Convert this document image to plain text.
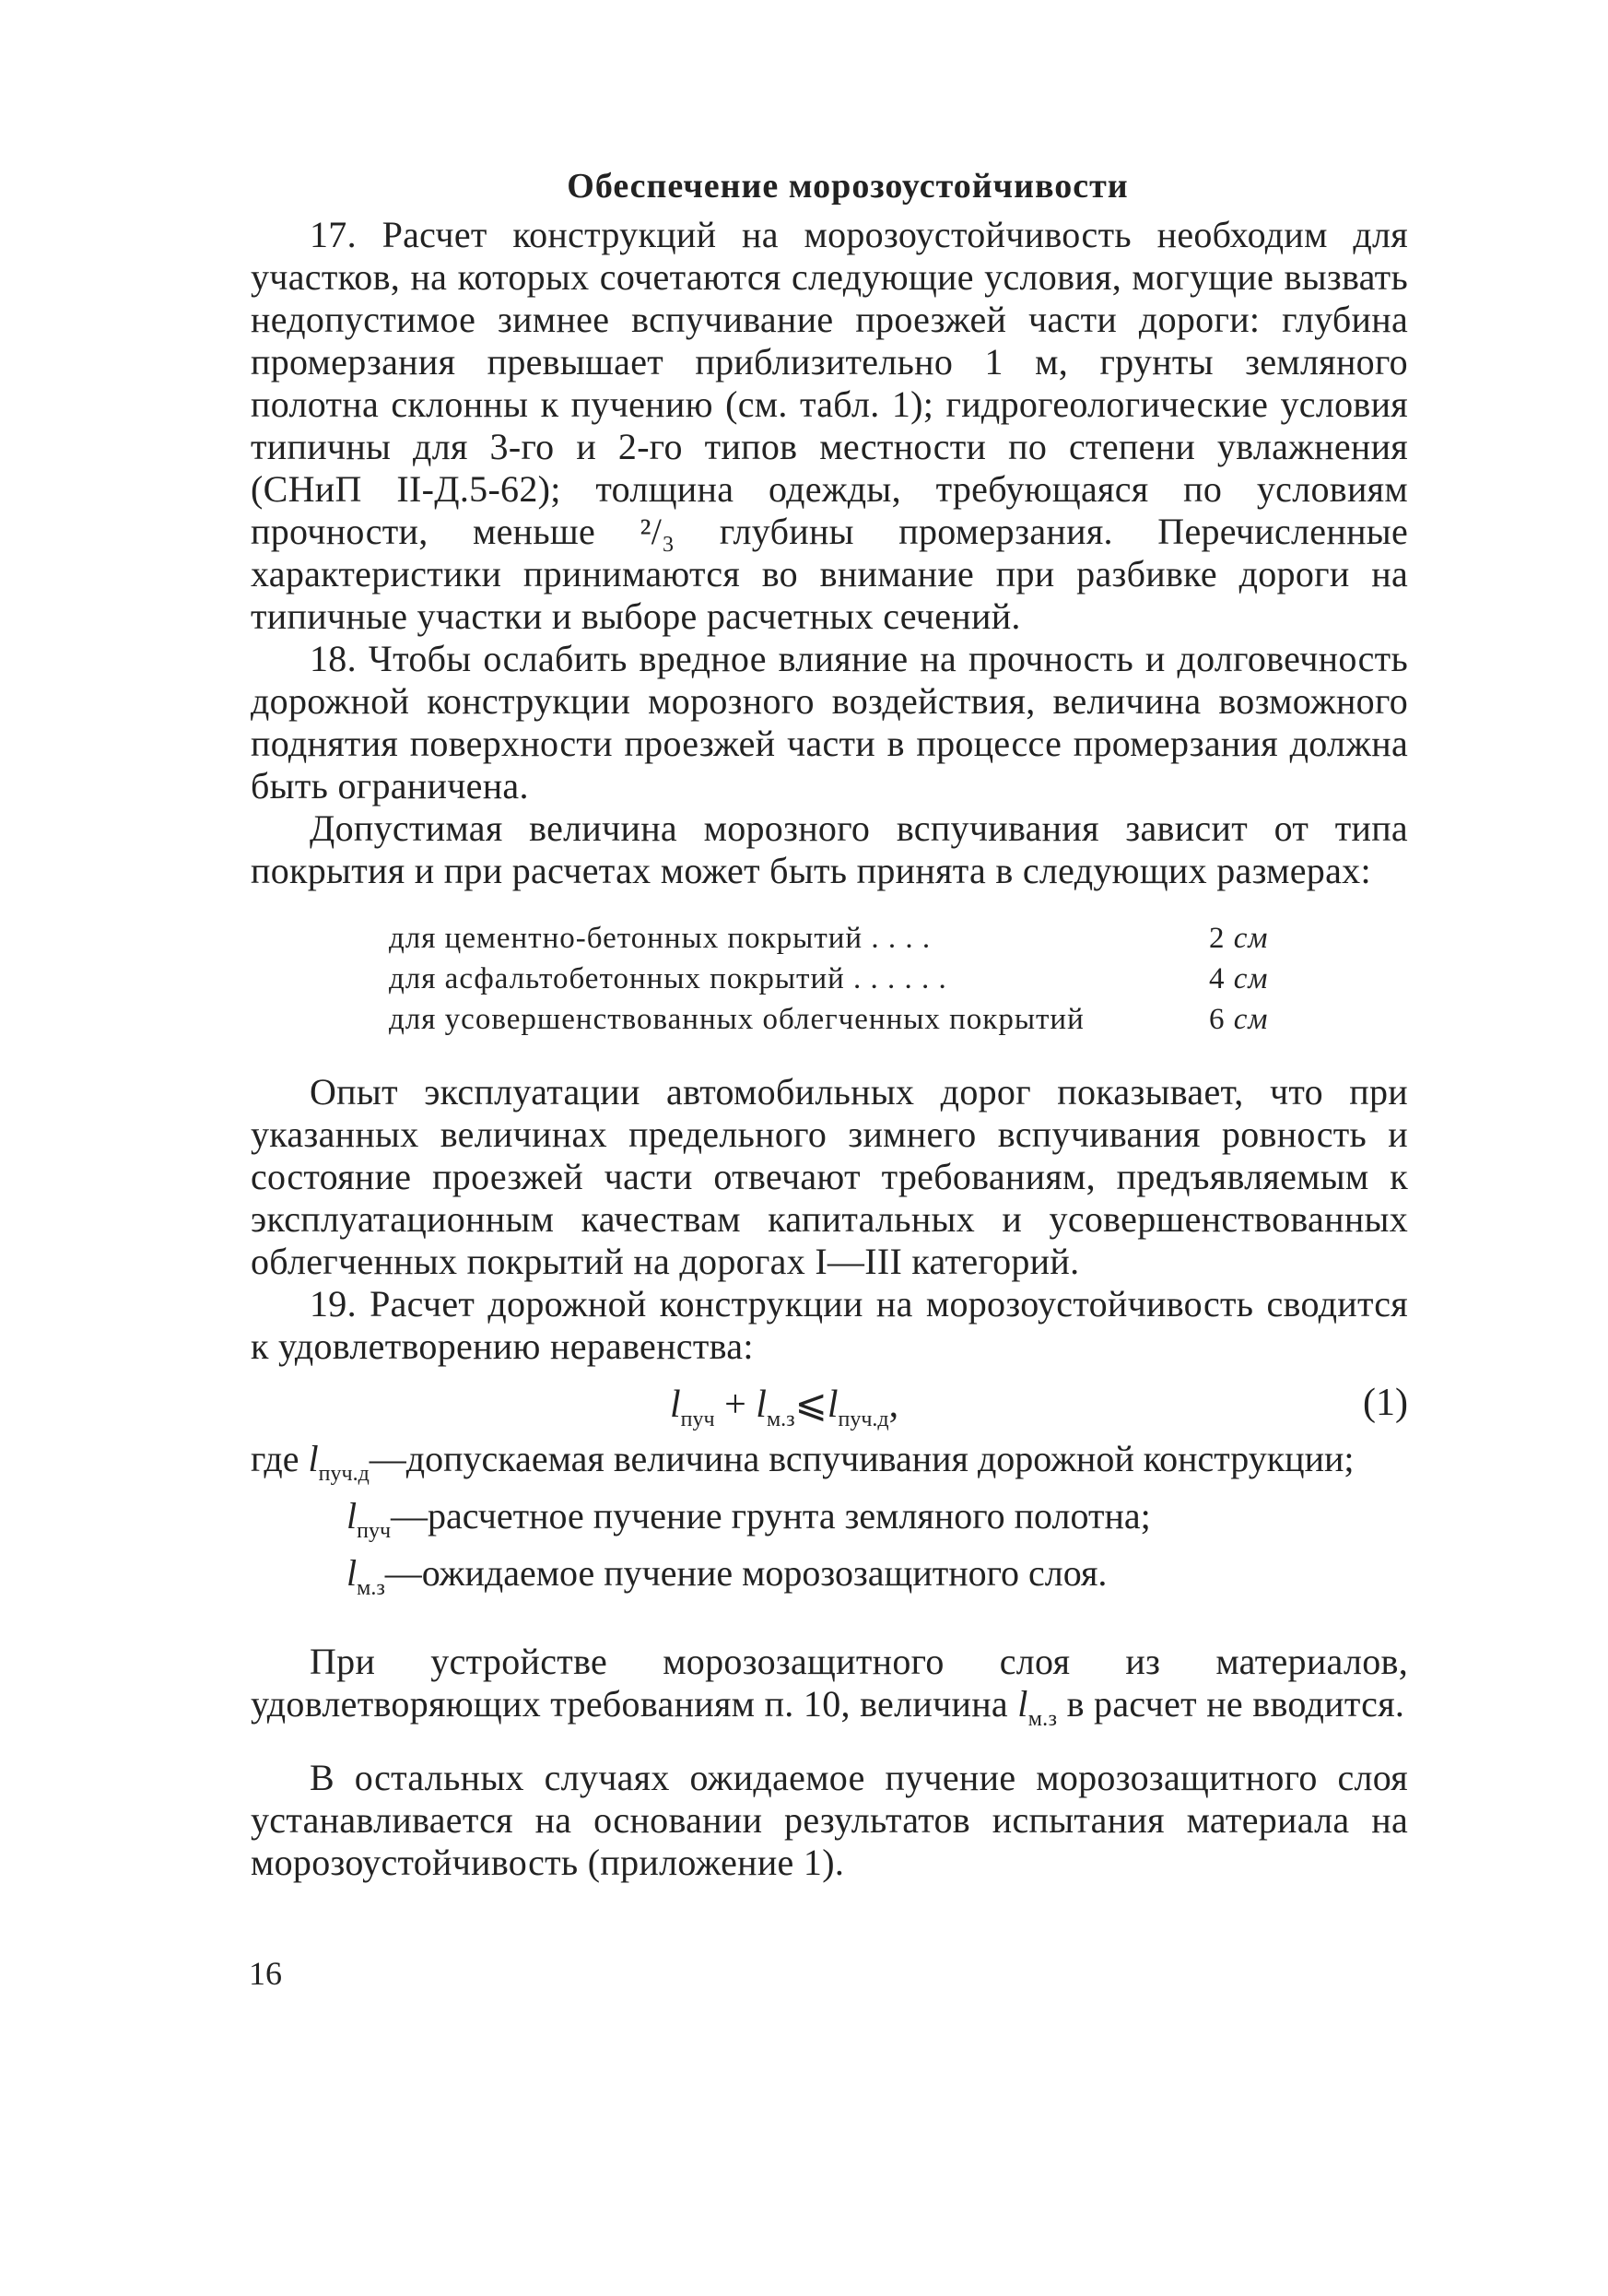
Обеспечение морозоустойчивости

17. Расчет конструкций на морозоустойчивость необходим для участков, на которых сочетаются следующие условия, могущие вызвать недопустимое зимнее вспучивание проезжей части дороги: глубина промерзания превышает приблизительно 1 м, грунты земляного полотна склонны к пучению (см. табл. 1); гидрогеологические условия типичны для 3-го и 2-го типов местности по степени увлажнения (СНиП II-Д.5-62); толщина одежды, требующаяся по условиям прочности, меньше ²/₃ глубины промерзания. Перечисленные характеристики принимаются во внимание при разбивке дороги на типичные участки и выборе расчетных сечений.

18. Чтобы ослабить вредное влияние на прочность и долговечность дорожной конструкции морозного воздействия, величина возможного поднятия поверхности проезжей части в процессе промерзания должна быть ограничена.

Допустимая величина морозного вспучивания зависит от типа покрытия и при расчетах может быть принята в следующих размерах:

для цементно-бетонных покрытий . . . .	2 см
для асфальтобетонных покрытий . . . . . .	4 см
для усовершенствованных облегченных покрытий	6 см

Опыт эксплуатации автомобильных дорог показывает, что при указанных величинах предельного зимнего вспучивания ровность и состояние проезжей части отвечают требованиям, предъявляемым к эксплуатационным качествам капитальных и усовершенствованных облегченных покрытий на дорогах I—III категорий.

19. Расчет дорожной конструкции на морозоустойчивость сводится к удовлетворению неравенства:

$l_{пуч}$ + $l_{м.з}⩽l_{пуч.д}$,	(1)
где $l_{пуч.д}$ —допускаемая величина вспучивания дорожной конструкции;
$l_{пуч}$ —расчетное пучение грунта земляного полотна;
$l_{м.з}$ —ожидаемое пучение морозозащитного слоя.

При устройстве морозозащитного слоя из материалов, удовлетворяющих требованиям п. 10, величина $l_{м.з}$ в расчет не вводится.

В остальных случаях ожидаемое пучение морозозащитного слоя устанавливается на основании результатов испытания материала на морозоустойчивость (приложение 1).

16
